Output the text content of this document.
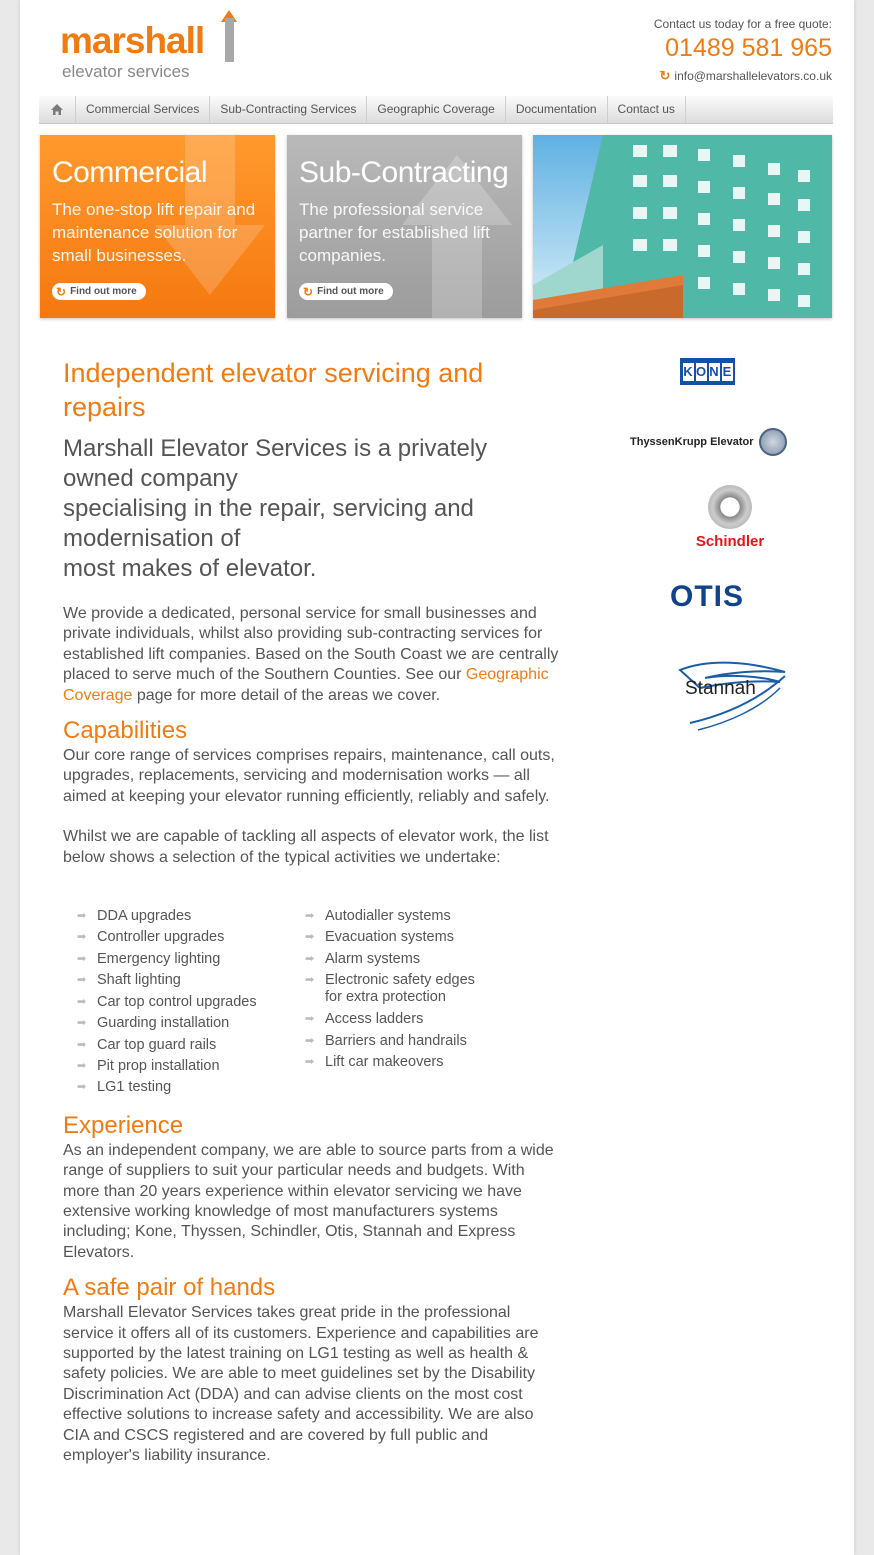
marshall
elevator services
Contact us today for a free quote:
01489 581 965
↻ info@marshallelevators.co.uk
Commercial Services	Sub-Contracting Services	Geographic Coverage	Documentation	Contact us
Commercial
The one-stop lift repair and maintenance solution for small businesses.
↻ Find out more
Sub-Contracting
The professional service partner for established lift companies.
↻ Find out more
Independent elevator servicing and repairs
Marshall Elevator Services is a privately owned company
specialising in the repair, servicing and modernisation of
most makes of elevator.

We provide a dedicated, personal service for small businesses and private individuals, whilst also providing sub-contracting services for established lift companies. Based on the South Coast we are centrally placed to serve much of the Southern Counties. See our Geographic Coverage page for more detail of the areas we cover.

Capabilities

Our core range of services comprises repairs, maintenance, call outs, upgrades, replacements, servicing and modernisation works — all aimed at keeping your elevator running efficiently, reliably and safely.

Whilst we are capable of tackling all aspects of elevator work, the list below shows a selection of the typical activities we undertake:

➡ DDA upgrades
➡ Controller upgrades
➡ Emergency lighting
➡ Shaft lighting
➡ Car top control upgrades
➡ Guarding installation
➡ Car top guard rails
➡ Pit prop installation
➡ LG1 testing
➡ Autodialler systems
➡ Evacuation systems
➡ Alarm systems
➡ Electronic safety edges for extra protection
➡ Access ladders
➡ Barriers and handrails
➡ Lift car makeovers
Experience

As an independent company, we are able to source parts from a wide range of suppliers to suit your particular needs and budgets. With more than 20 years experience within elevator servicing we have extensive working knowledge of most manufacturers systems including; Kone, Thyssen, Schindler, Otis, Stannah and Express Elevators.

A safe pair of hands

Marshall Elevator Services takes great pride in the professional service it offers all of its customers. Experience and capabilities are supported by the latest training on LG1 testing as well as health & safety policies. We are able to meet guidelines set by the Disability Discrimination Act (DDA) and can advise clients on the most cost effective solutions to increase safety and accessibility. We are also CIA and CSCS registered and are covered by full public and employer's liability insurance.

K O N E
ThyssenKrupp Elevator
Schindler
OTIS
Stannah
